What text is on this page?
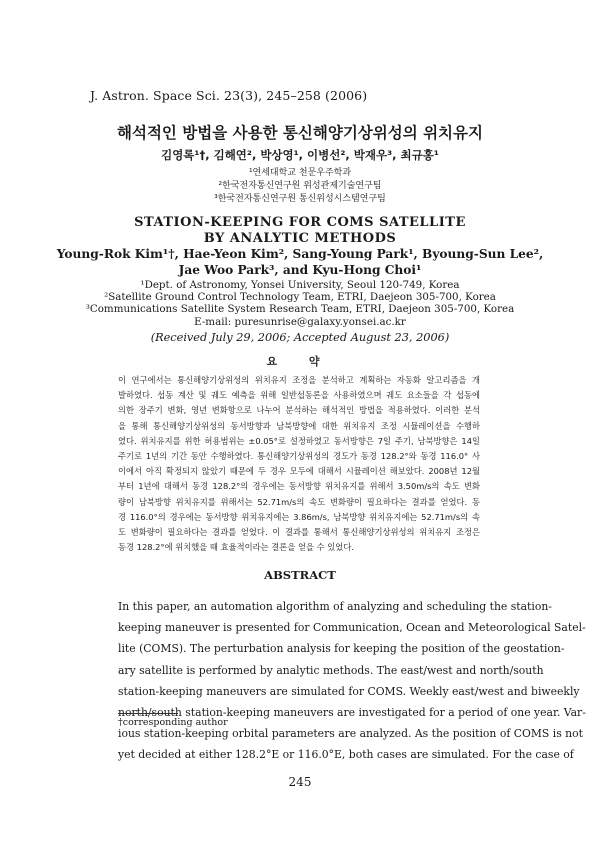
J. Astron. Space Sci. 23(3), 245–258 (2006)
해석적인 방법을 사용한 통신해양기상위성의 위치유지
김영록¹†, 김해연², 박상영¹, 이병선², 박재우³, 최규홍¹
¹연세대학교 천문우주학과
²한국전자통신연구원 위성관제기술연구팀
³한국전자통신연구원 통신위성시스템연구팀
STATION-KEEPING FOR COMS SATELLITE
BY ANALYTIC METHODS
Young-Rok Kim¹†, Hae-Yeon Kim², Sang-Young Park¹, Byoung-Sun Lee²,
Jae Woo Park³, and Kyu-Hong Choi¹
¹Dept. of Astronomy, Yonsei University, Seoul 120-749, Korea
²Satellite Ground Control Technology Team, ETRI, Daejeon 305-700, Korea
³Communications Satellite System Research Team, ETRI, Daejeon 305-700, Korea
(Received July 29, 2006; Accepted August 23, 2006)
요 약
이 연구에서는 통신해양기상위성의 위치유지 조정을 분석하고 계획하는 자동화 알고리즘을 개
발하였다. 섭동 계산 및 궤도 예측을 위해 일반섭동론을 사용하였으며 궤도 요소들을 각 섭동에
의한 장주기 변화, 영년 변화항으로 나누어 분석하는 해석적인 방법을 적용하였다. 이러한 분석
을 통해 통신해양기상위성의 동서방향과 남북방향에 대한 위치유지 조정 시뮬레이션을 수행하
였다. 위치유지를 위한 허용범위는 ±0.05°로 설정하였고 동서방향은 7일 주기, 남북방향은 14일
주기로 1년의 기간 동안 수행하였다. 통신해양기상위성의 경도가 동경 128.2°와 동경 116.0° 사
이에서 아직 확정되지 않았기 때문에 두 경우 모두에 대해서 시뮬레이션 해보았다. 2008년 12월
부터 1년에 대해서 동경 128.2°의 경우에는 동서방향 위치유지를 위해서 3.50m/s의 속도 변화
량이 남북방향 위치유지를 위해서는 52.71m/s의 속도 변화량이 필요하다는 결과를 얻었다. 동
경 116.0°의 경우에는 동서방향 위치유지에는 3.86m/s, 남북방향 위치유지에는 52.71m/s의 속
도 변화량이 필요하다는 결과를 얻었다. 이 결과를 통해서 통신해양기상위성의 위치유지 조정은
동경 128.2°에 위치했을 때 효율적이라는 결론을 얻을 수 있었다.
ABSTRACT
In this paper, an automation algorithm of analyzing and scheduling the station-
keeping maneuver is presented for Communication, Ocean and Meteorological Satel-
lite (COMS). The perturbation analysis for keeping the position of the geostation-
ary satellite is performed by analytic methods. The east/west and north/south
station-keeping maneuvers are simulated for COMS. Weekly east/west and biweekly
north/south station-keeping maneuvers are investigated for a period of one year. Var-
ious station-keeping orbital parameters are analyzed. As the position of COMS is not
yet decided at either 128.2°E or 116.0°E, both cases are simulated. For the case of
†corresponding author
245
E-mail: puresunrise@galaxy.yonsei.ac.kr
